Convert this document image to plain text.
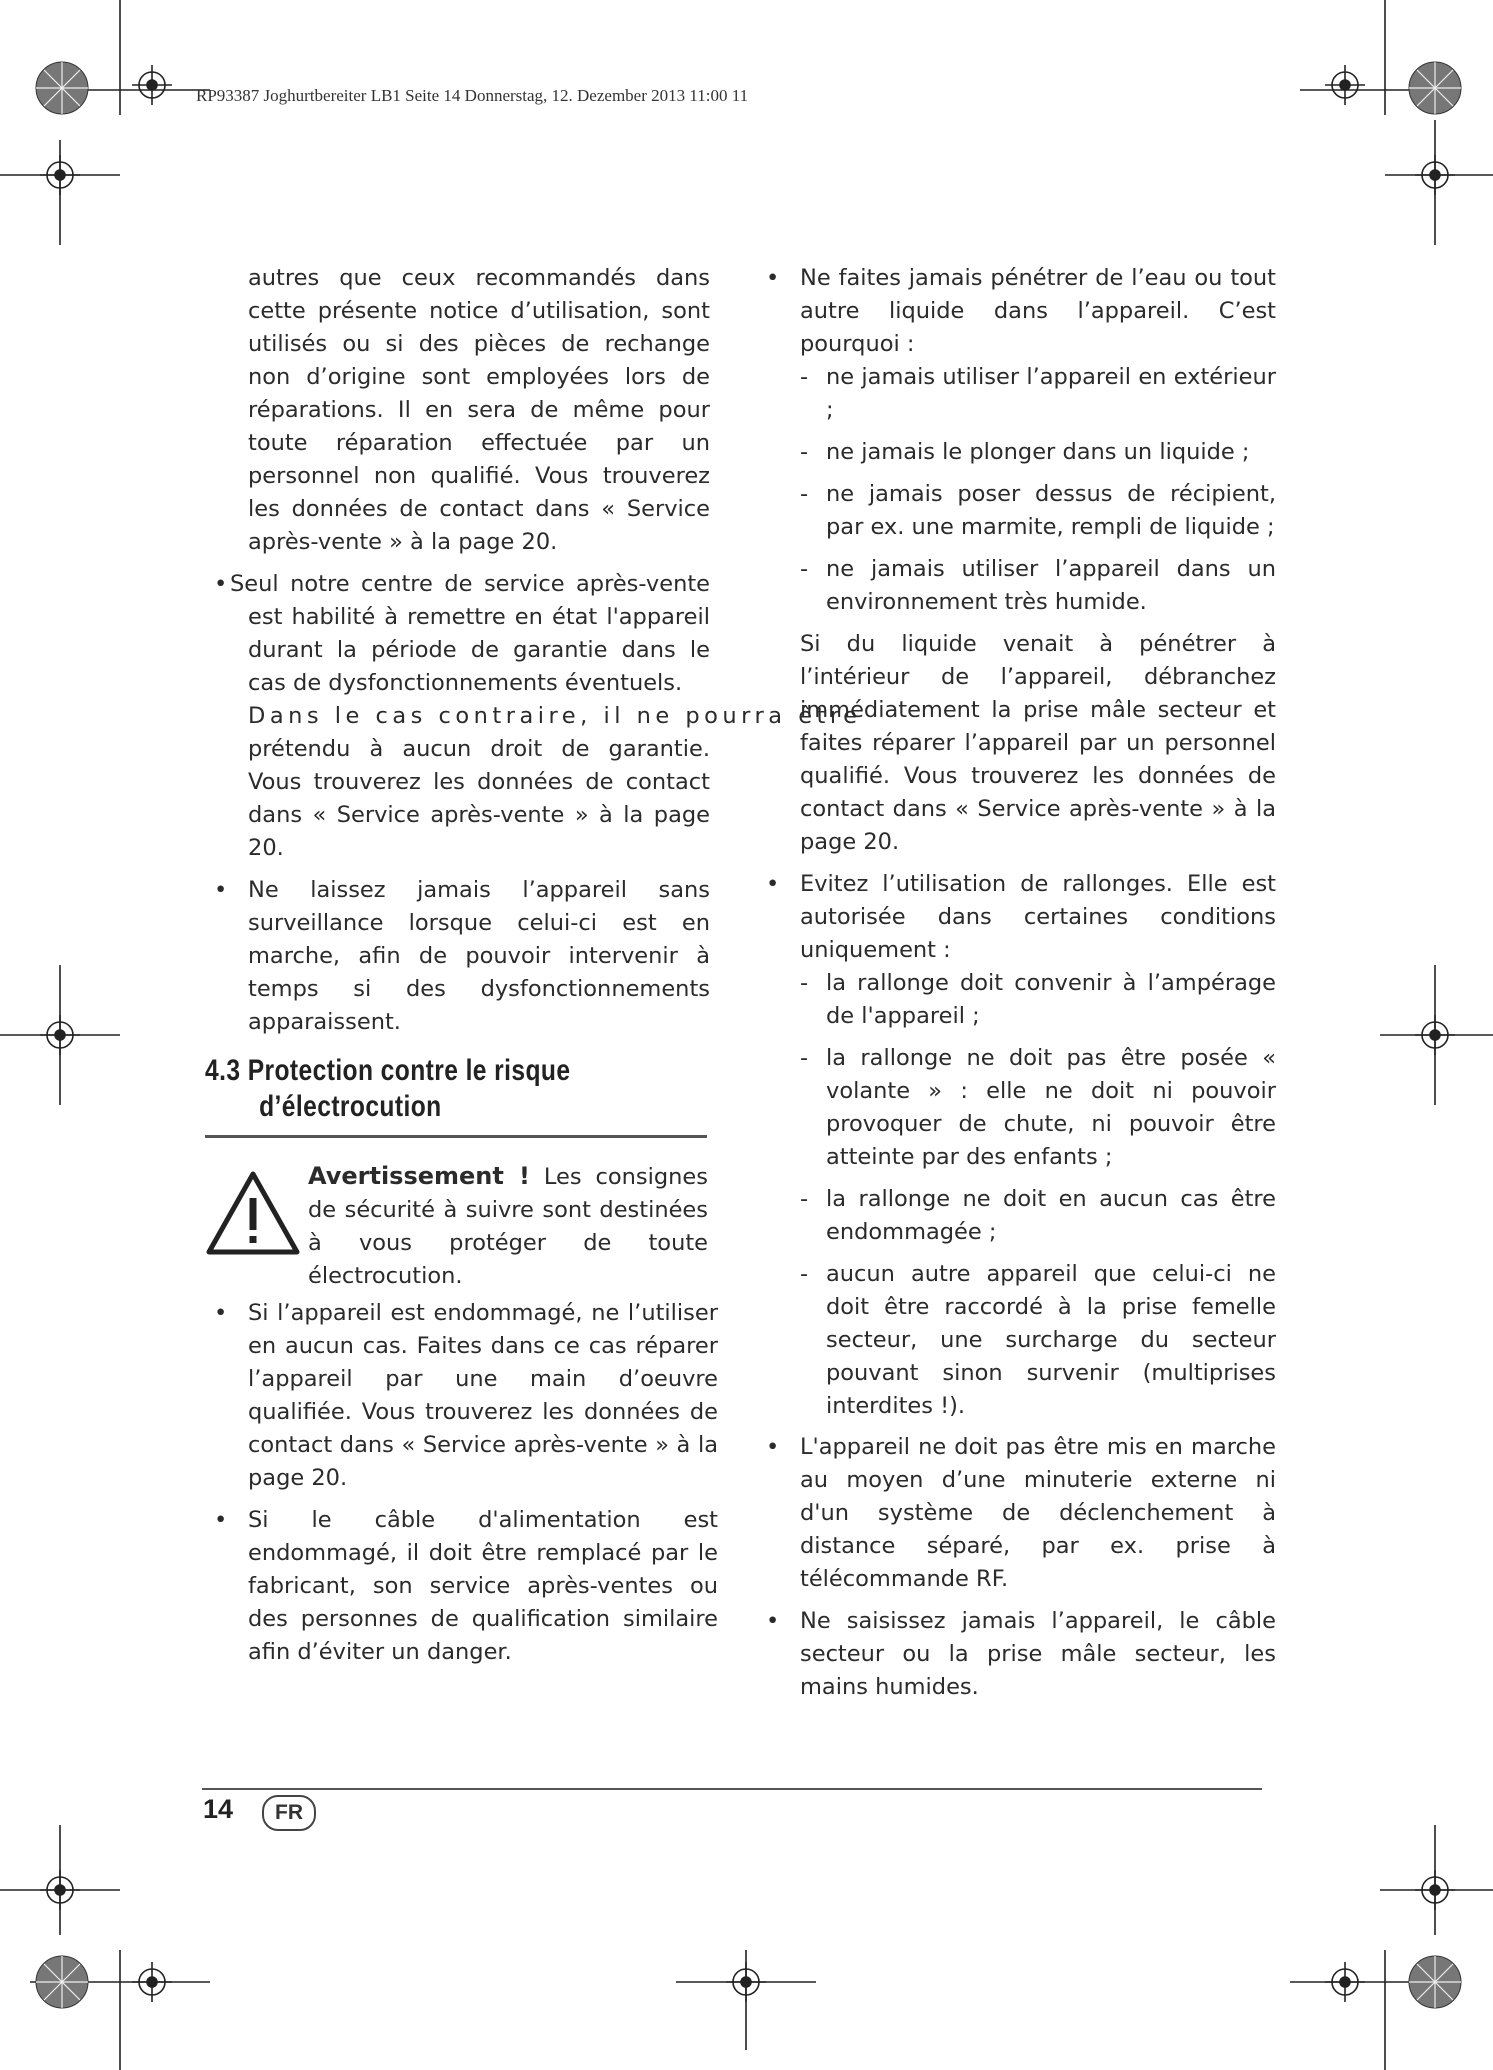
RP93387 Joghurtbereiter LB1 Seite 14 Donnerstag, 12. Dezember 2013 11:00 11

autres que ceux recommandés dans cette présente notice d’utilisation, sont utilisés ou si des pièces de rechange non d’origine sont employées lors de réparations. Il en sera de même pour toute réparation effectuée par un personnel non qualifié. Vous trouverez les données de contact dans « Service après-vente » à la page 20.

• Seul notre centre de service après-vente est habilité à remettre en état l'appareil durant la période de garantie dans le cas de dysfonctionnements éventuels.

Dans le cas contraire, il ne pourra être

prétendu à aucun droit de garantie. Vous trouverez les données de contact dans « Service après-vente » à la page 20.

• Ne laissez jamais l’appareil sans surveillance lorsque celui-ci est en marche, afin de pouvoir intervenir à temps si des dysfonctionnements apparaissent.

4.3 Protection contre le risque
d’électrocution
Avertissement ! Les consignes de sécurité à suivre sont destinées à vous protéger de toute électrocution.
• Si l’appareil est endommagé, ne l’utiliser en aucun cas. Faites dans ce cas réparer l’appareil par une main d’oeuvre qualifiée. Vous trouverez les données de contact dans « Service après-vente » à la page 20.

• Si le câble d'alimentation est endommagé, il doit être remplacé par le fabricant, son service après-ventes ou des personnes de qualification similaire afin d’éviter un danger.

• Ne faites jamais pénétrer de l’eau ou tout autre liquide dans l’appareil. C’est pourquoi :

- ne jamais utiliser l’appareil en extérieur ;

- ne jamais le plonger dans un liquide ;

- ne jamais poser dessus de récipient, par ex. une marmite, rempli de liquide ;

- ne jamais utiliser l’appareil dans un environnement très humide.

Si du liquide venait à pénétrer à l’intérieur de l’appareil, débranchez immédiatement la prise mâle secteur et faites réparer l’appareil par un personnel qualifié. Vous trouverez les données de contact dans « Service après-vente » à la page 20.

• Evitez l’utilisation de rallonges. Elle est autorisée dans certaines conditions uniquement :

- la rallonge doit convenir à l’ampérage de l'appareil ;

- la rallonge ne doit pas être posée « volante » : elle ne doit ni pouvoir provoquer de chute, ni pouvoir être atteinte par des enfants ;

- la rallonge ne doit en aucun cas être endommagée ;

- aucun autre appareil que celui-ci ne doit être raccordé à la prise femelle secteur, une surcharge du secteur pouvant sinon survenir (multiprises interdites !).

• L'appareil ne doit pas être mis en marche au moyen d’une minuterie externe ni d'un système de déclenchement à distance séparé, par ex. prise à télécommande RF.

• Ne saisissez jamais l’appareil, le câble secteur ou la prise mâle secteur, les mains humides.

14	FR
